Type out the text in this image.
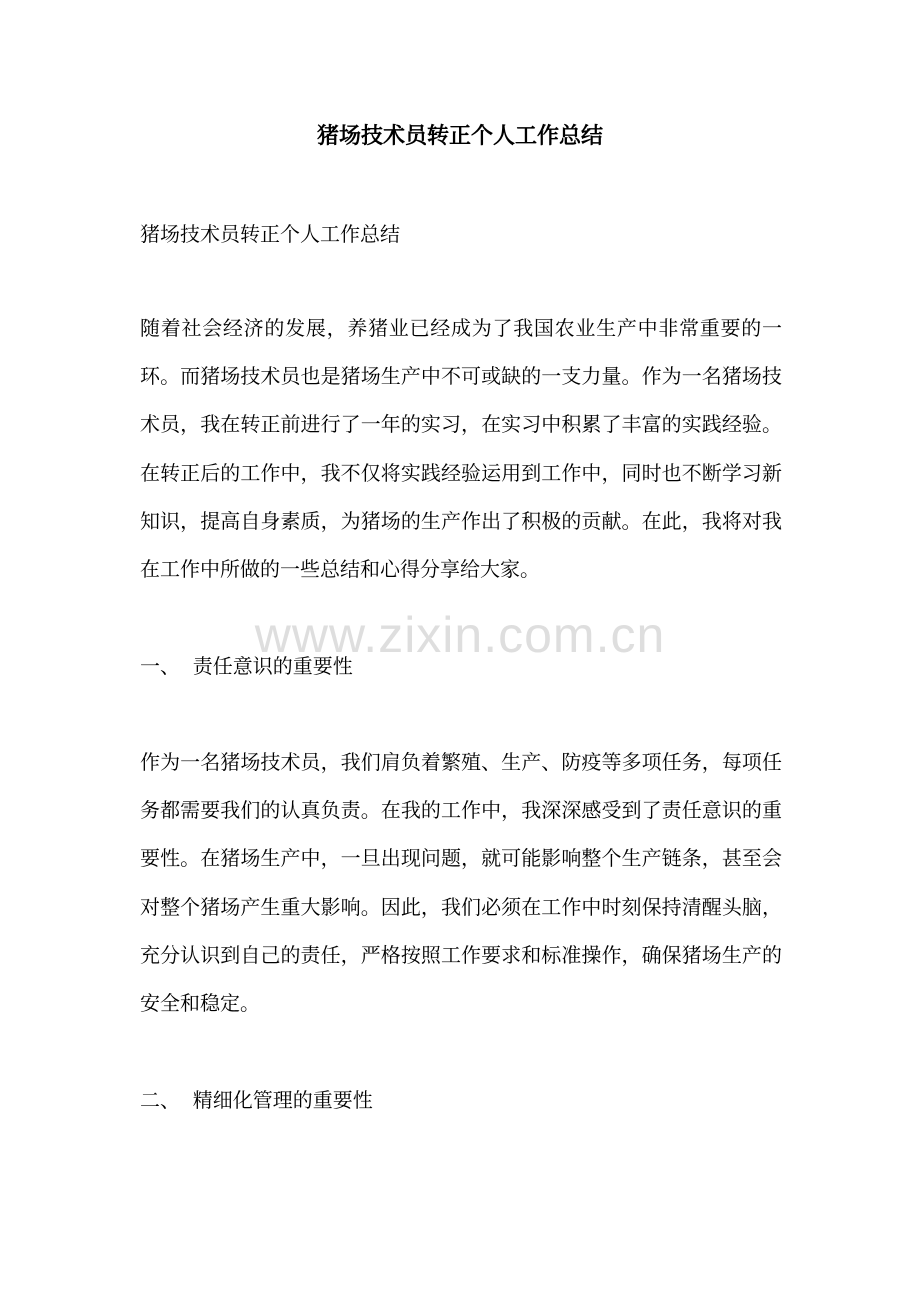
猪场技术员转正个人工作总结
猪场技术员转正个人工作总结
随着社会经济的发展，养猪业已经成为了我国农业生产中非常重要的一环。而猪场技术员也是猪场生产中不可或缺的一支力量。作为一名猪场技术员，我在转正前进行了一年的实习，在实习中积累了丰富的实践经验。在转正后的工作中，我不仅将实践经验运用到工作中，同时也不断学习新知识，提高自身素质，为猪场的生产作出了积极的贡献。在此，我将对我在工作中所做的一些总结和心得分享给大家。
www.zixin.com.cn
一、  责任意识的重要性
作为一名猪场技术员，我们肩负着繁殖、生产、防疫等多项任务，每项任务都需要我们的认真负责。在我的工作中，我深深感受到了责任意识的重要性。在猪场生产中，一旦出现问题，就可能影响整个生产链条，甚至会对整个猪场产生重大影响。因此，我们必须在工作中时刻保持清醒头脑，充分认识到自己的责任，严格按照工作要求和标准操作，确保猪场生产的安全和稳定。
二、  精细化管理的重要性
